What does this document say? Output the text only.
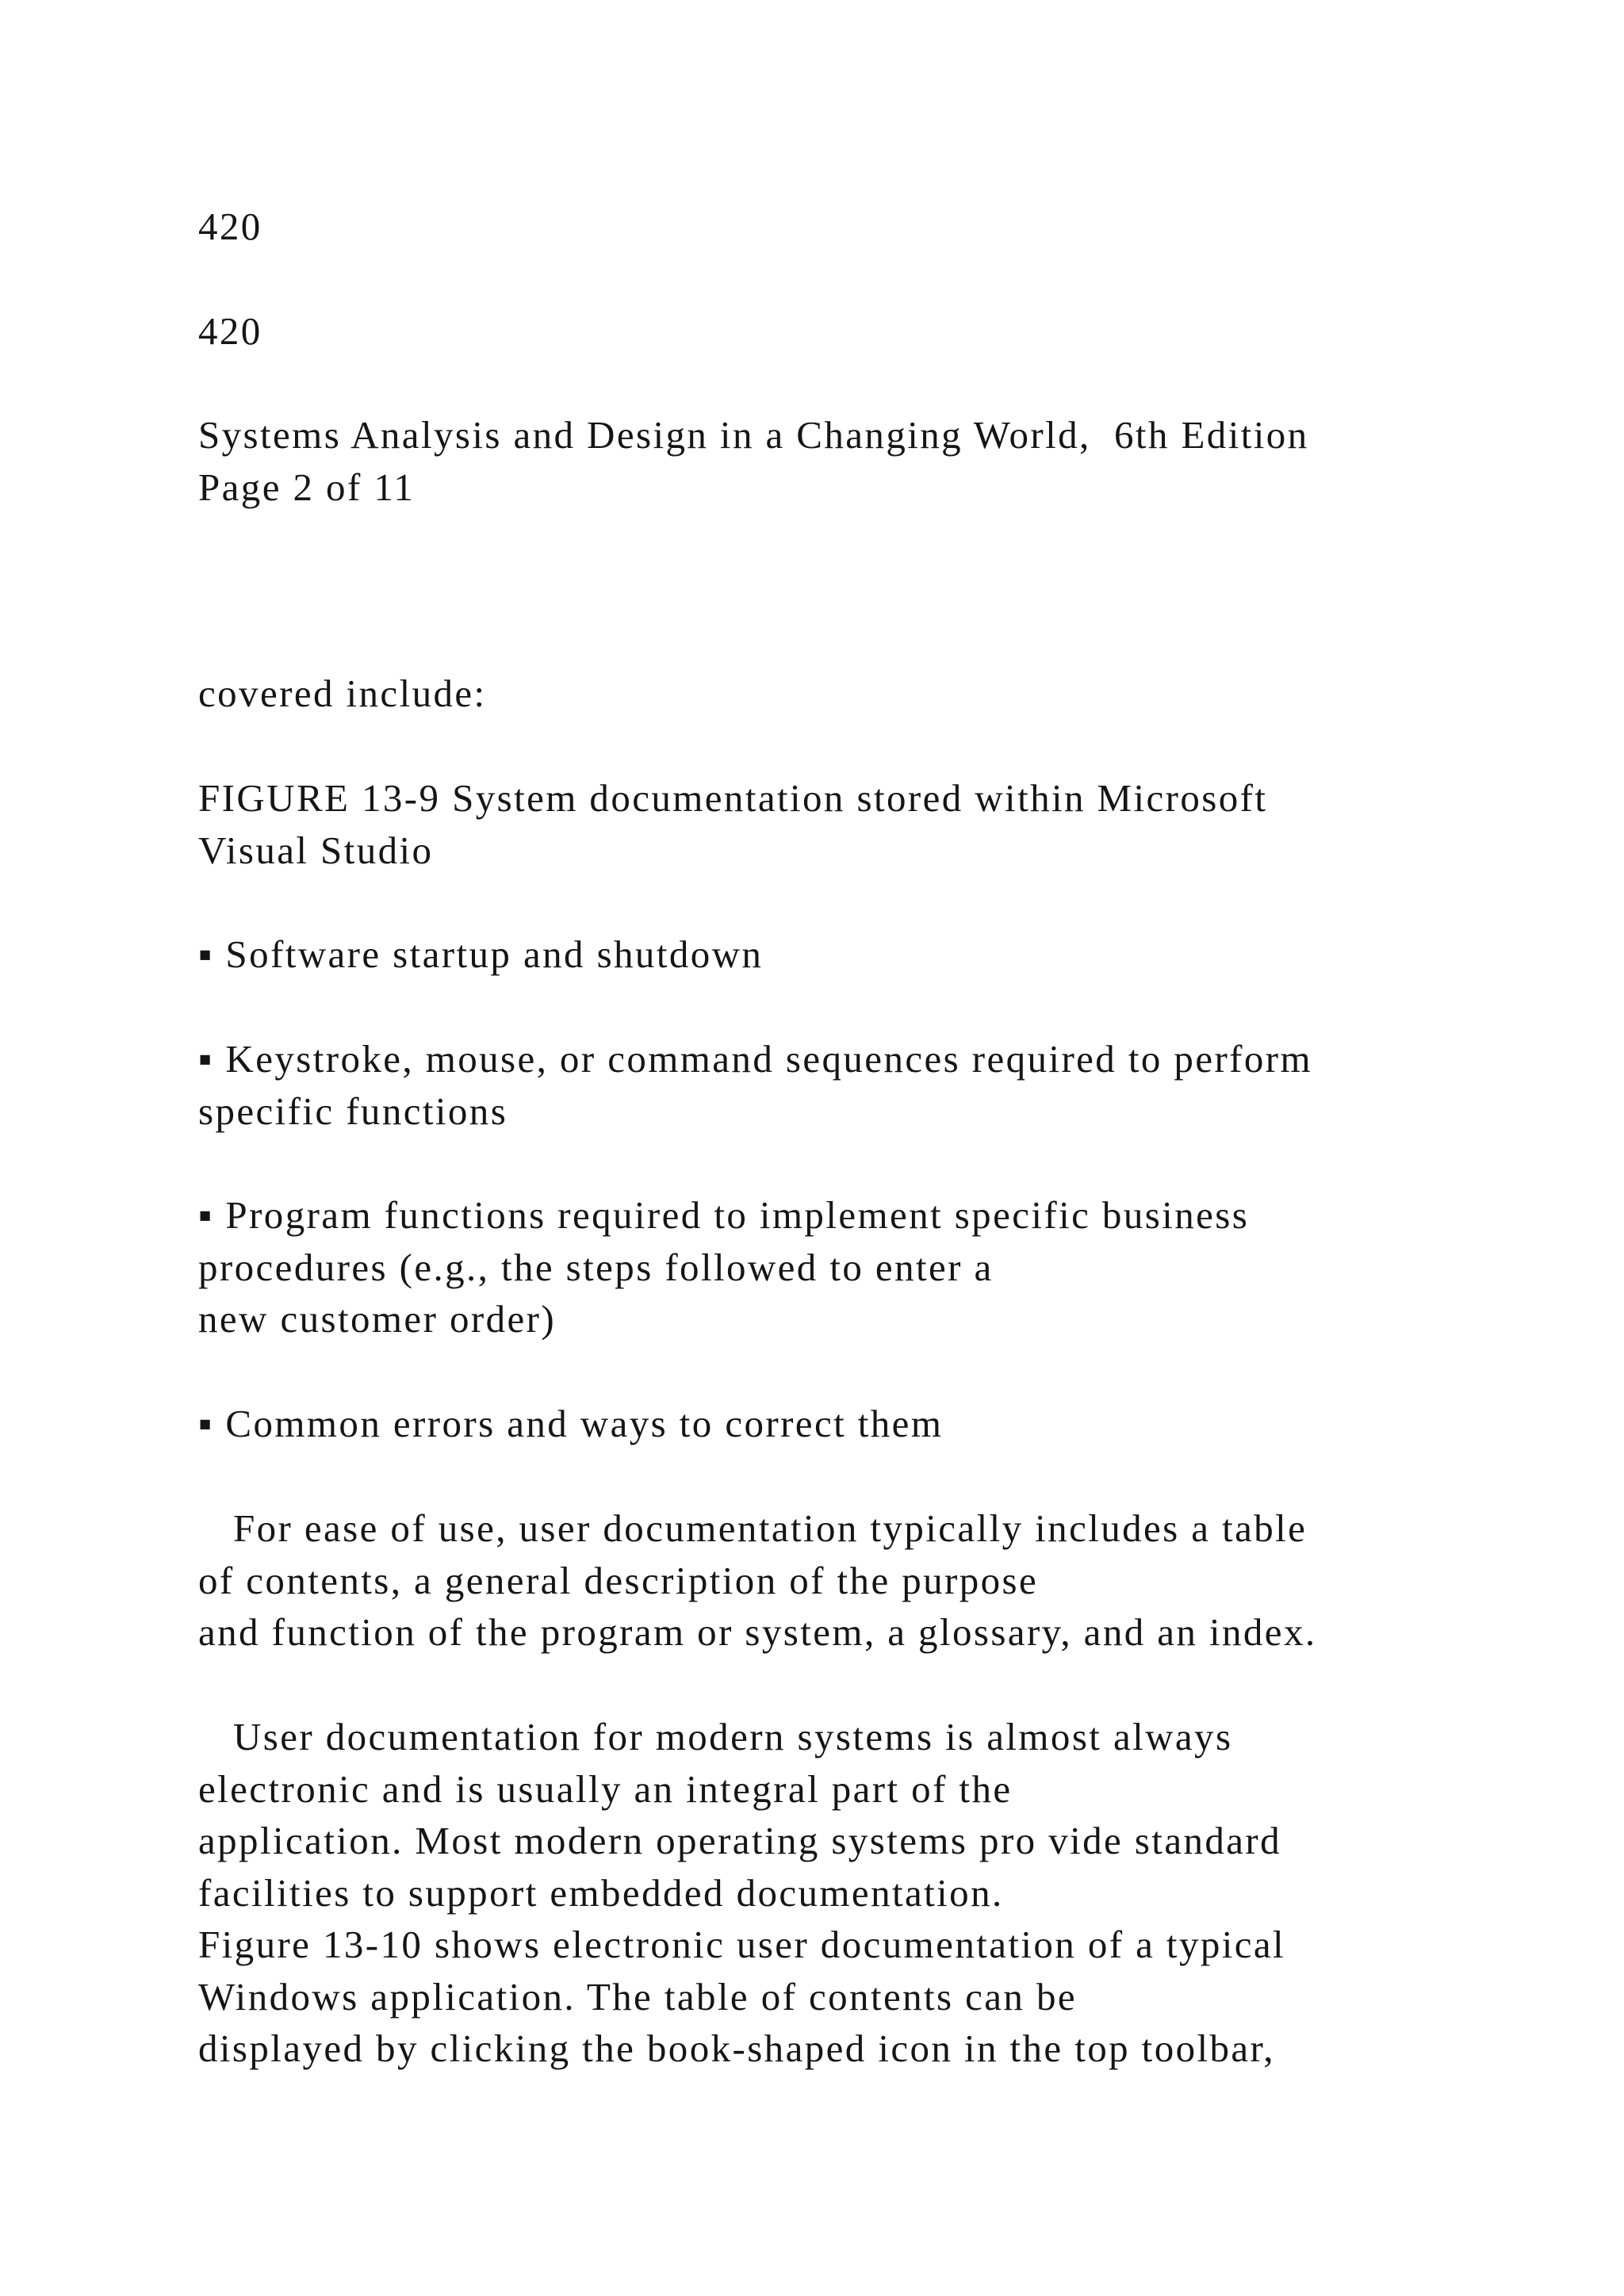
420

420

Systems Analysis and Design in a Changing World,  6th Edition
Page 2 of 11

covered include:

FIGURE 13-9 System documentation stored within Microsoft
Visual Studio

▪ Software startup and shutdown

▪ Keystroke, mouse, or command sequences required to perform
specific functions

▪ Program functions required to implement specific business
procedures (e.g., the steps followed to enter a
new customer order)

▪ Common errors and ways to correct them

For ease of use, user documentation typically includes a table
of contents, a general description of the purpose
and function of the program or system, a glossary, and an index.

User documentation for modern systems is almost always
electronic and is usually an integral part of the
application. Most modern operating systems pro vide standard
facilities to support embedded documentation.
Figure 13-10 shows electronic user documentation of a typical
Windows application. The table of contents can be
displayed by clicking the book-shaped icon in the top toolbar,
